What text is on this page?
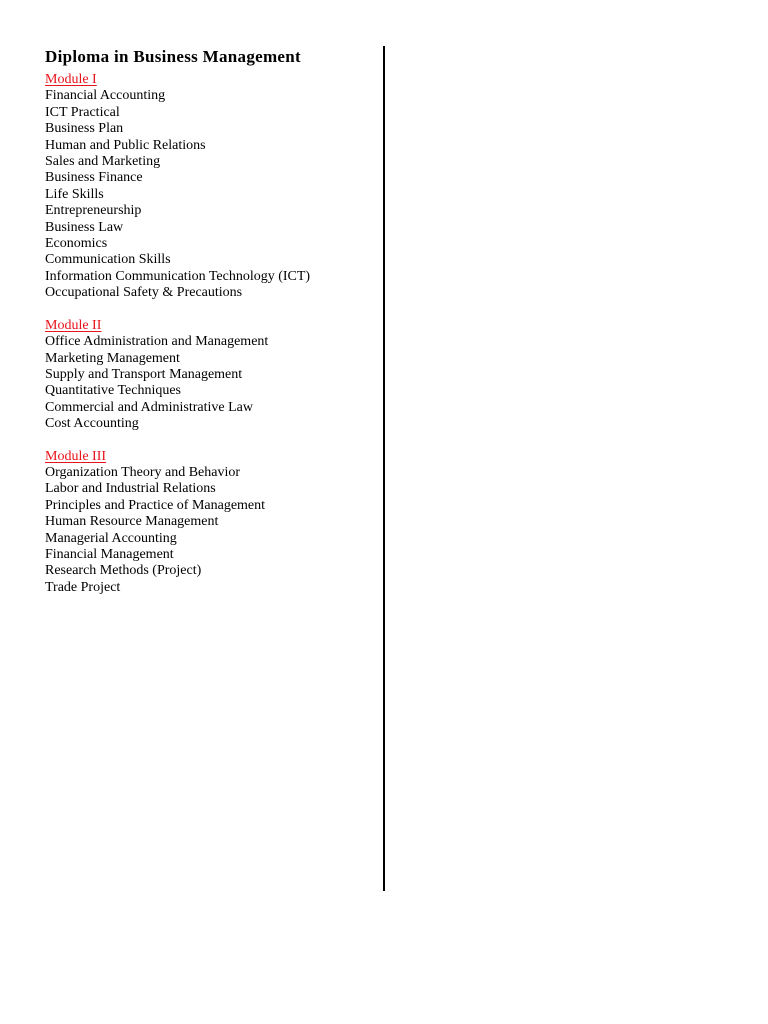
Diploma in Business Management
Module I
Financial Accounting
ICT Practical
Business Plan
Human and Public Relations
Sales and Marketing
Business Finance
Life Skills
Entrepreneurship
Business Law
Economics
Communication Skills
Information Communication Technology (ICT)
Occupational Safety & Precautions
Module II
Office Administration and Management
Marketing Management
Supply and Transport Management
Quantitative Techniques
Commercial and Administrative Law
Cost Accounting
Module III
Organization Theory and Behavior
Labor and Industrial Relations
Principles and Practice of Management
Human Resource Management
Managerial Accounting
Financial Management
Research Methods (Project)
Trade Project
